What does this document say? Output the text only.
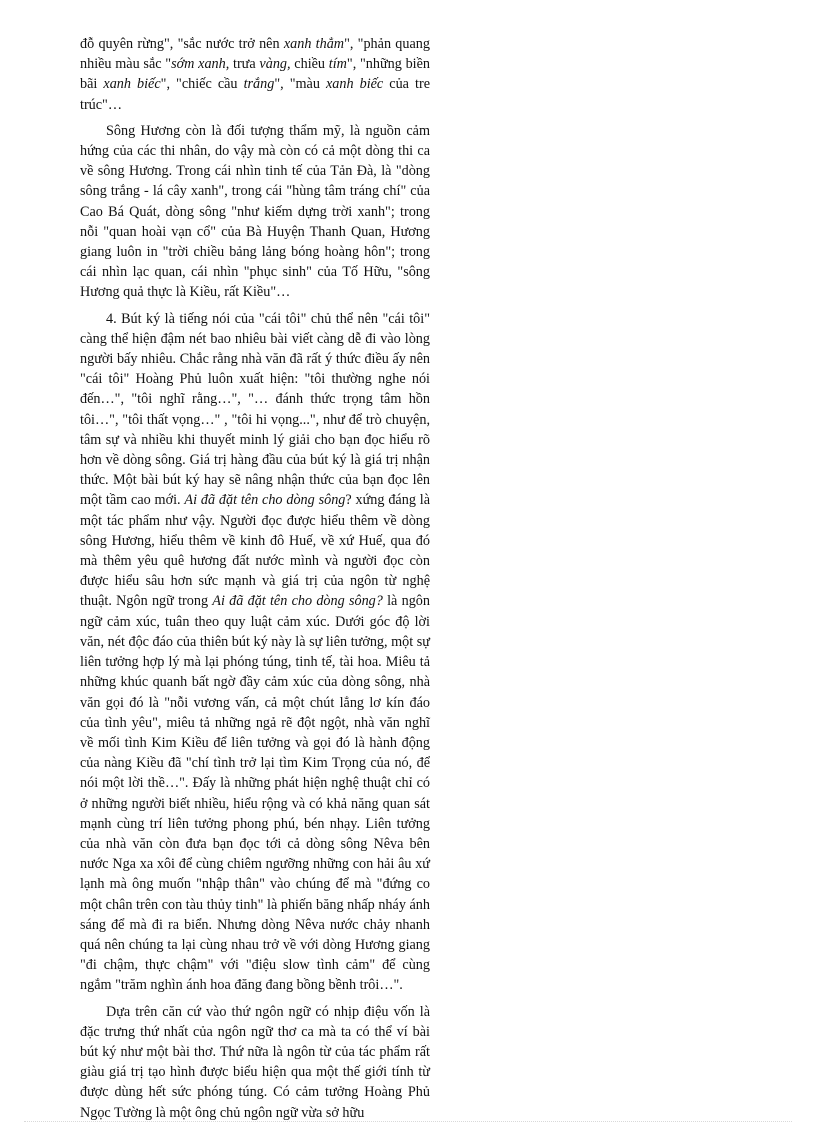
đỗ quyên rừng", "sắc nước trở nên xanh thẳm", "phản quang nhiều màu sắc "sớm xanh, trưa vàng, chiều tím", "những biền bãi xanh biếc", "chiếc cầu trắng", "màu xanh biếc của tre trúc"…

Sông Hương còn là đối tượng thẩm mỹ, là nguồn cảm hứng của các thi nhân, do vậy mà còn có cả một dòng thi ca về sông Hương. Trong cái nhìn tinh tế của Tản Đà, là "dòng sông trắng - lá cây xanh", trong cái "hùng tâm tráng chí" của Cao Bá Quát, dòng sông "như kiếm dựng trời xanh"; trong nỗi "quan hoài vạn cổ" của Bà Huyện Thanh Quan, Hương giang luôn in "trời chiều bảng lảng bóng hoàng hôn"; trong cái nhìn lạc quan, cái nhìn "phục sinh" của Tố Hữu, "sông Hương quả thực là Kiều, rất Kiều"…

4. Bút ký là tiếng nói của "cái tôi" chủ thể nên "cái tôi" càng thể hiện đậm nét bao nhiêu bài viết càng dễ đi vào lòng người bấy nhiêu. Chắc rằng nhà văn đã rất ý thức điều ấy nên "cái tôi" Hoàng Phủ luôn xuất hiện: "tôi thường nghe nói đến…", "tôi nghĩ rằng…", "… đánh thức trọng tâm hồn tôi…", "tôi thất vọng…" , "tôi hi vọng...", như để trò chuyện, tâm sự và nhiều khi thuyết minh lý giải cho bạn đọc hiểu rõ hơn về dòng sông. Giá trị hàng đầu của bút ký là giá trị nhận thức. Một bài bút ký hay sẽ nâng nhận thức của bạn đọc lên một tầm cao mới. Ai đã đặt tên cho dòng sông? xứng đáng là một tác phẩm như vậy. Người đọc được hiểu thêm về dòng sông Hương, hiểu thêm về kinh đô Huế, về xứ Huế, qua đó mà thêm yêu quê hương đất nước mình và người đọc còn được hiểu sâu hơn sức mạnh và giá trị của ngôn từ nghệ thuật. Ngôn ngữ trong Ai đã đặt tên cho dòng sông? là ngôn ngữ cảm xúc, tuân theo quy luật cảm xúc. Dưới góc độ lời văn, nét độc đáo của thiên bút ký này là sự liên tưởng, một sự liên tưởng hợp lý mà lại phóng túng, tinh tế, tài hoa. Miêu tả những khúc quanh bất ngờ đầy cảm xúc của dòng sông, nhà văn gọi đó là "nỗi vương vấn, cả một chút lẳng lơ kín đáo của tình yêu", miêu tả những ngả rẽ đột ngột, nhà văn nghĩ về mối tình Kim Kiều để liên tưởng và gọi đó là hành động của nàng Kiều đã "chí tình trở lại tìm Kim Trọng của nó, để nói một lời thề…". Đấy là những phát hiện nghệ thuật chỉ có ở những người biết nhiều, hiểu rộng và có khả năng quan sát mạnh cùng trí liên tưởng phong phú, bén nhạy. Liên tưởng của nhà văn còn đưa bạn đọc tới cả dòng sông Nêva bên nước Nga xa xôi để cùng chiêm ngưỡng những con hải âu xứ lạnh mà ông muốn "nhập thân" vào chúng để mà "đứng co một chân trên con tàu thủy tinh" là phiến băng nhấp nháy ánh sáng để mà đi ra biển. Nhưng dòng Nêva nước chảy nhanh quá nên chúng ta lại cùng nhau trở về với dòng Hương giang "đi chậm, thực chậm" với "điệu slow tình cảm" để cùng ngắm "trăm nghìn ánh hoa đăng đang bồng bềnh trôi…".

Dựa trên căn cứ vào thứ ngôn ngữ có nhịp điệu vốn là đặc trưng thứ nhất của ngôn ngữ thơ ca mà ta có thể ví bài bút ký như một bài thơ. Thứ nữa là ngôn từ của tác phẩm rất giàu giá trị tạo hình được biểu hiện qua một thế giới tính từ được dùng hết sức phóng túng. Có cảm tưởng Hoàng Phủ Ngọc Tường là một ông chủ ngôn ngữ vừa sở hữu
